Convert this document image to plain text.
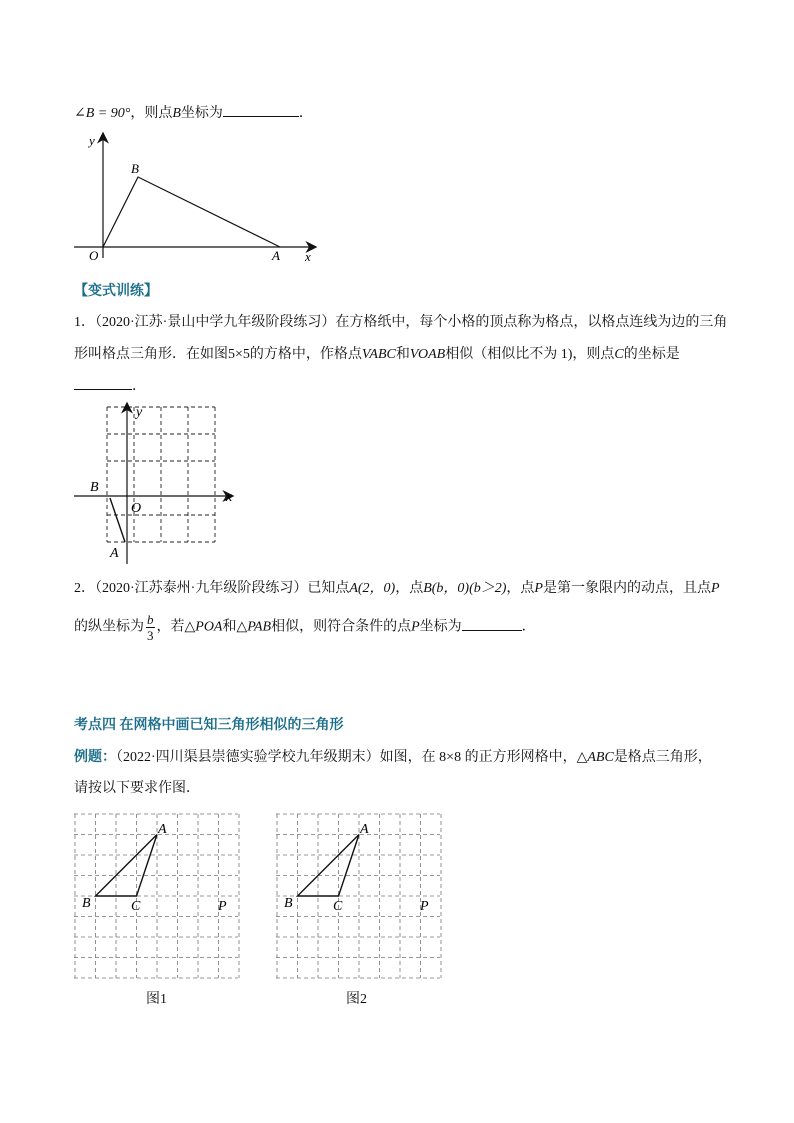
∠B = 90°，则点B坐标为	．
y
x
O	A
B
【变式训练】
1．（2020·江苏·景山中学九年级阶段练习）在方格纸中，每个小格的顶点称为格点，以格点连线为边的三角
形叫格点三角形．在如图5×5的方格中，作格点VABC和VOAB相似（相似比不为 1)，则点C的坐标是
．
y
x
O
B
A
2．（2020·江苏泰州·九年级阶段练习）已知点A(2，0)，点B(b，0)(b＞2)，点P是第一象限内的动点，且点P
的纵坐标为 $\frac{b}{3}$ ，若△POA和△PAB相似，则符合条件的点P坐标为	．
考点四 在网格中画已知三角形相似的三角形
例题：（2022·四川渠县崇德实验学校九年级期末）如图，在 8×8 的正方形网格中，△ABC是格点三角形，
请按以下要求作图．
A
B	C	P
图1
A
B	C	P
图2
